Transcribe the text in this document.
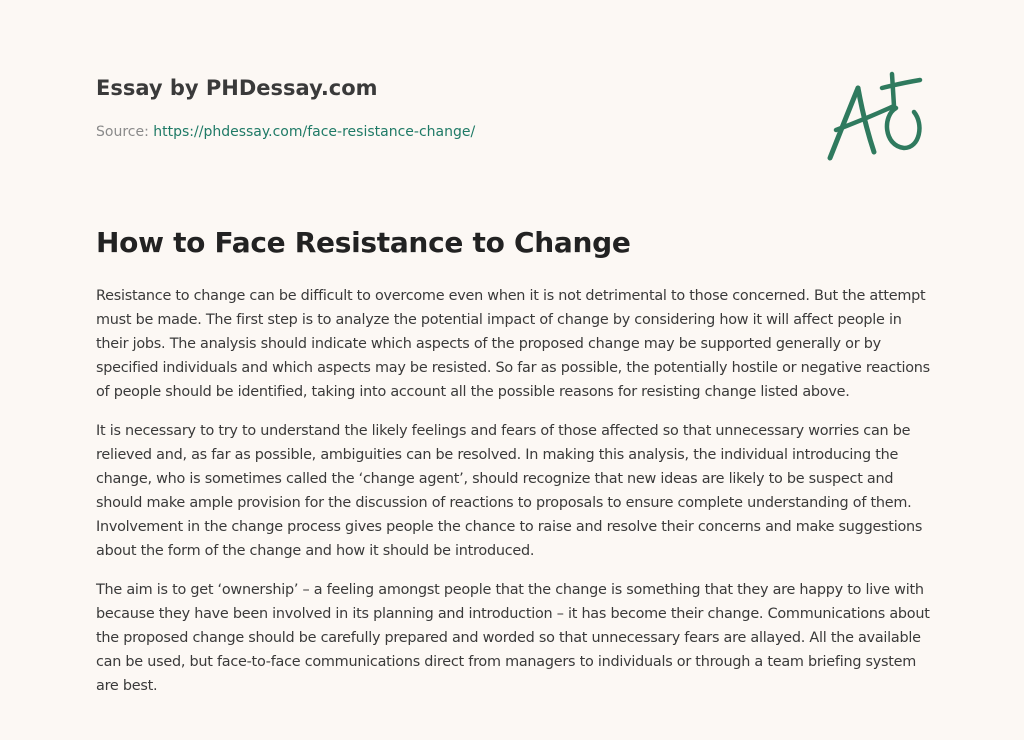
Essay by PHDessay.com
Source: https://phdessay.com/face-resistance-change/
How to Face Resistance to Change

Resistance to change can be difficult to overcome even when it is not detrimental to those concerned. But the attempt must be made. The first step is to analyze the potential impact of change by considering how it will affect people in their jobs. The analysis should indicate which aspects of the proposed change may be supported generally or by specified individuals and which aspects may be resisted. So far as possible, the potentially hostile or negative reactions of people should be identified, taking into account all the possible reasons for resisting change listed above.

It is necessary to try to understand the likely feelings and fears of those affected so that unnecessary worries can be relieved and, as far as possible, ambiguities can be resolved. In making this analysis, the individual introducing the change, who is sometimes called the ‘change agent’, should recognize that new ideas are likely to be suspect and should make ample provision for the discussion of reactions to proposals to ensure complete understanding of them. Involvement in the change process gives people the chance to raise and resolve their concerns and make suggestions about the form of the change and how it should be introduced.

The aim is to get ‘ownership’ – a feeling amongst people that the change is something that they are happy to live with because they have been involved in its planning and introduction – it has become their change. Communications about the proposed change should be carefully prepared and worded so that unnecessary fears are allayed. All the available can be used, but face-to-face communications direct from managers to individuals or through a team briefing system are best.
